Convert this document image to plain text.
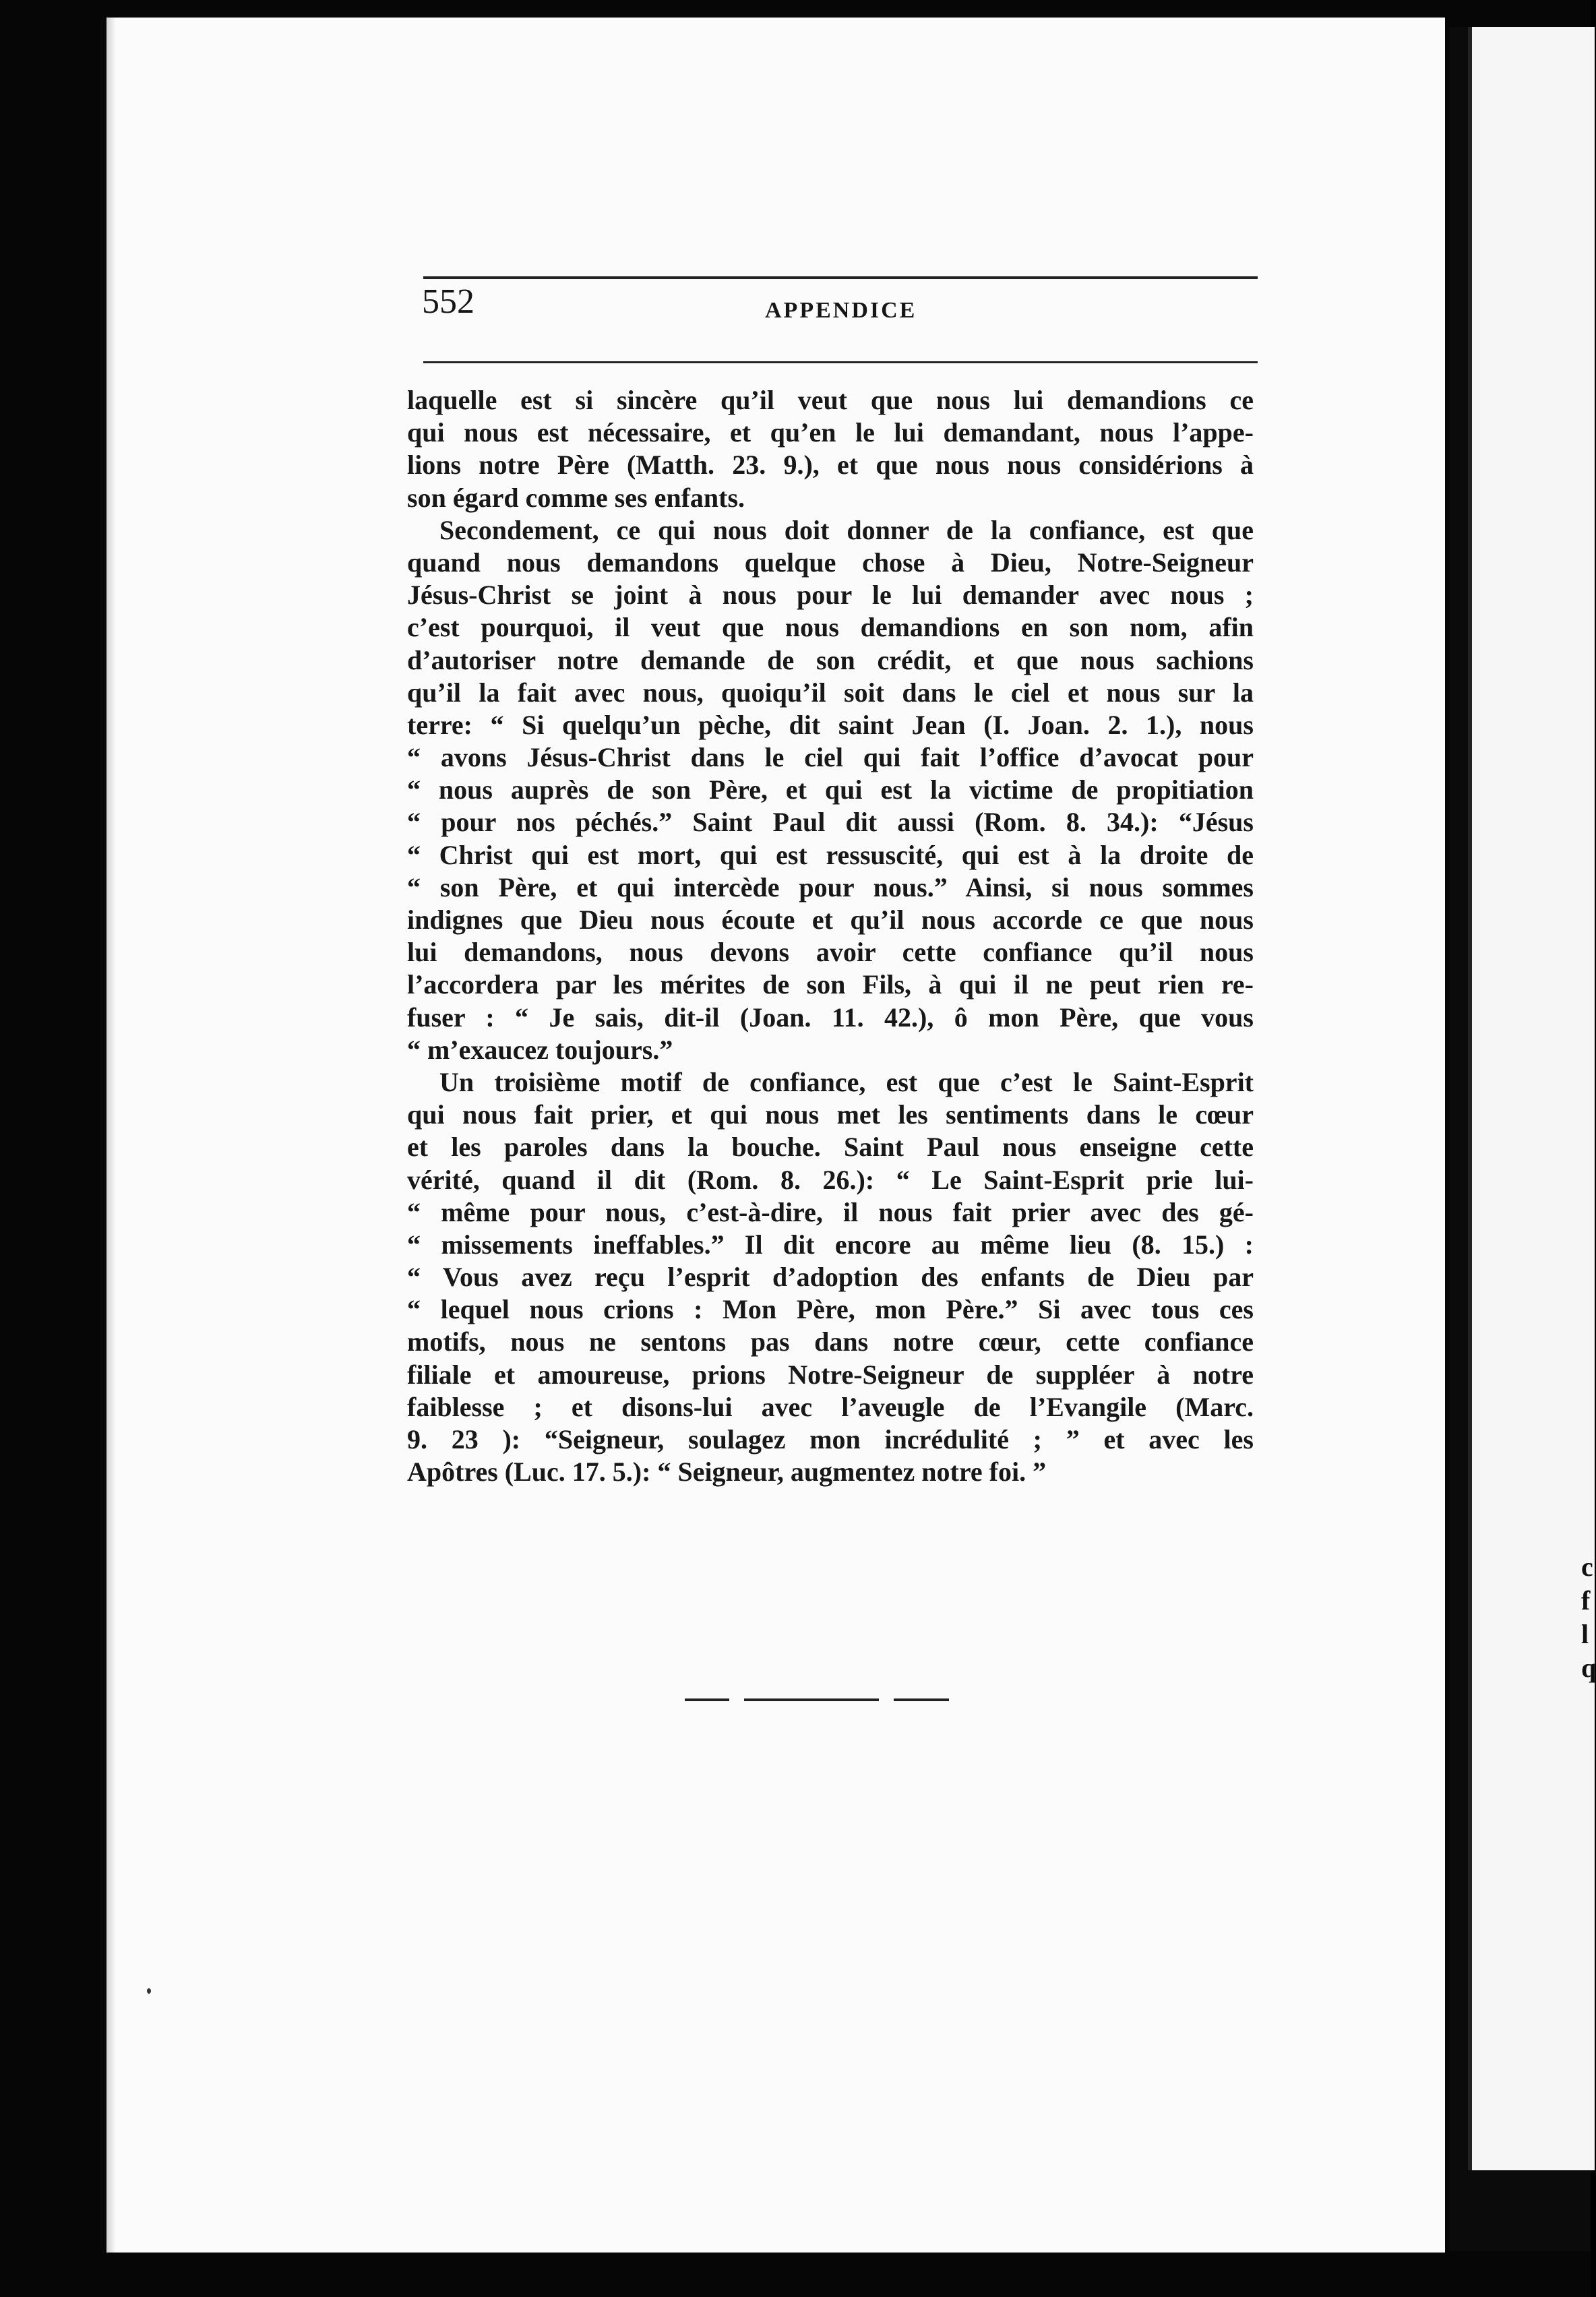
c f l q
552	APPENDICE
laquelle est si sincère qu’il veut que nous lui demandions ce
qui nous est nécessaire, et qu’en le lui demandant, nous l’appe-
lions notre Père (Matth. 23. 9.), et que nous nous considérions à
son égard comme ses enfants.
Secondement, ce qui nous doit donner de la confiance, est que
quand nous demandons quelque chose à Dieu, Notre-Seigneur
Jésus-Christ se joint à nous pour le lui demander avec nous ;
c’est pourquoi, il veut que nous demandions en son nom, afin
d’autoriser notre demande de son crédit, et que nous sachions
qu’il la fait avec nous, quoiqu’il soit dans le ciel et nous sur la
terre: “ Si quelqu’un pèche, dit saint Jean (I. Joan. 2. 1.), nous
“ avons Jésus-Christ dans le ciel qui fait l’office d’avocat pour
“ nous auprès de son Père, et qui est la victime de propitiation
“ pour nos péchés.” Saint Paul dit aussi (Rom. 8. 34.): “Jésus
“ Christ qui est mort, qui est ressuscité, qui est à la droite de
“ son Père, et qui intercède pour nous.” Ainsi, si nous sommes
indignes que Dieu nous écoute et qu’il nous accorde ce que nous
lui demandons, nous devons avoir cette confiance qu’il nous
l’accordera par les mérites de son Fils, à qui il ne peut rien re-
fuser : “ Je sais, dit-il (Joan. 11. 42.), ô mon Père, que vous
“ m’exaucez toujours.”
Un troisième motif de confiance, est que c’est le Saint-Esprit
qui nous fait prier, et qui nous met les sentiments dans le cœur
et les paroles dans la bouche. Saint Paul nous enseigne cette
vérité, quand il dit (Rom. 8. 26.): “ Le Saint-Esprit prie lui-
“ même pour nous, c’est-à-dire, il nous fait prier avec des gé-
“ missements ineffables.” Il dit encore au même lieu (8. 15.) :
“ Vous avez reçu l’esprit d’adoption des enfants de Dieu par
“ lequel nous crions : Mon Père, mon Père.” Si avec tous ces
motifs, nous ne sentons pas dans notre cœur, cette confiance
filiale et amoureuse, prions Notre-Seigneur de suppléer à notre
faiblesse ; et disons-lui avec l’aveugle de l’Evangile (Marc.
9. 23 ): “Seigneur, soulagez mon incrédulité ; ” et avec les
Apôtres (Luc. 17. 5.): “ Seigneur, augmentez notre foi. ”
